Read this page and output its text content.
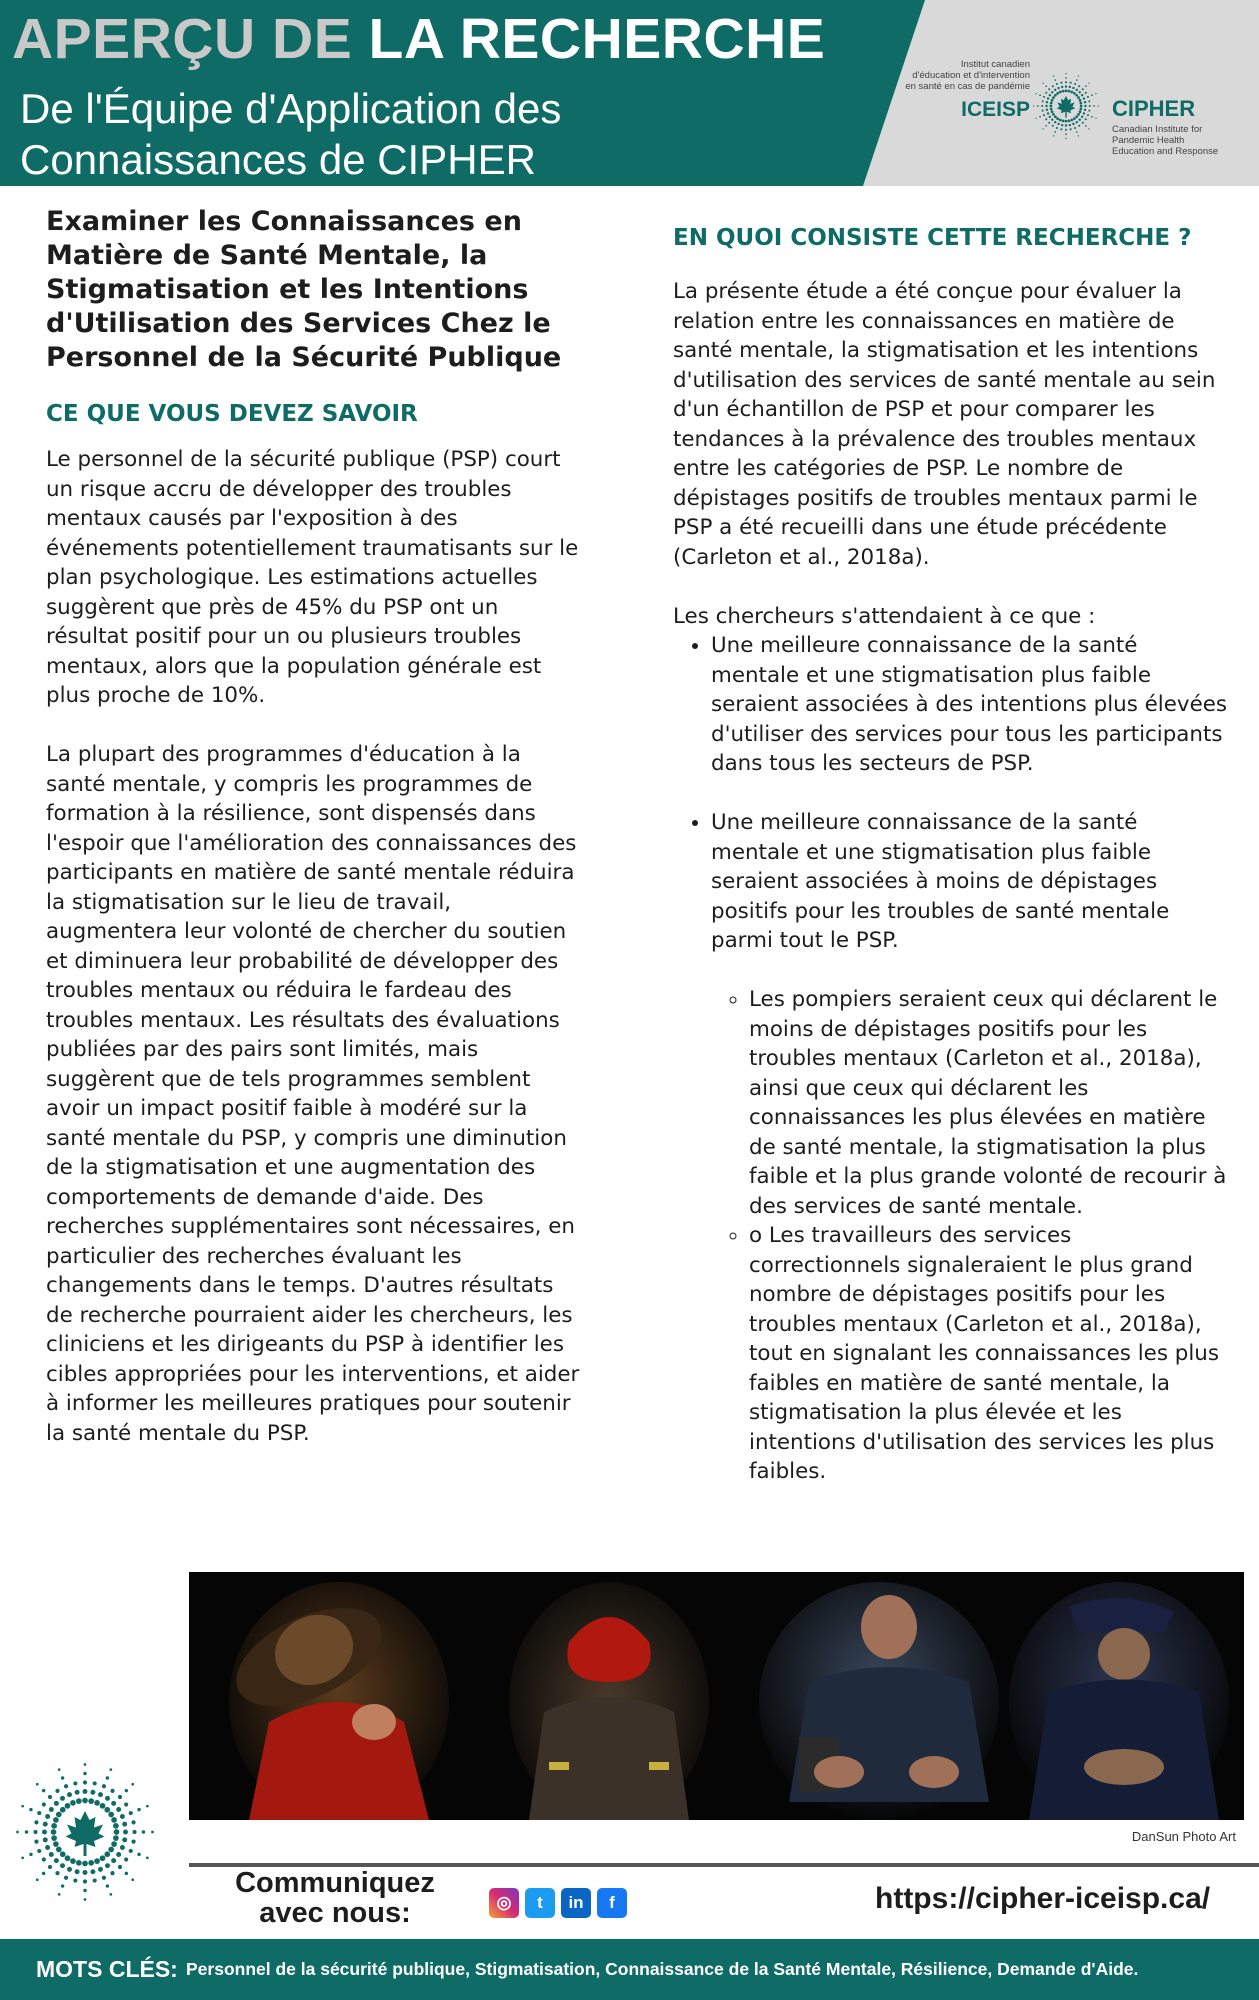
APERÇU DE LA RECHERCHE
De l'Équipe d'Application des
Connaissances de CIPHER
Institut canadien
d'éducation et d'intervention
en santé en cas de pandémie
ICEISP	CIPHER
Canadian Institute for
Pandemic Health
Education and Response
Examiner les Connaissances en Matière de Santé Mentale, la Stigmatisation et les Intentions d'Utilisation des Services Chez le Personnel de la Sécurité Publique
CE QUE VOUS DEVEZ SAVOIR

Le personnel de la sécurité publique (PSP) court un risque accru de développer des troubles mentaux causés par l'exposition à des événements potentiellement traumatisants sur le plan psychologique. Les estimations actuelles suggèrent que près de 45% du PSP ont un résultat positif pour un ou plusieurs troubles mentaux, alors que la population générale est plus proche de 10%.

La plupart des programmes d'éducation à la santé mentale, y compris les programmes de formation à la résilience, sont dispensés dans l'espoir que l'amélioration des connaissances des participants en matière de santé mentale réduira la stigmatisation sur le lieu de travail, augmentera leur volonté de chercher du soutien et diminuera leur probabilité de développer des troubles mentaux ou réduira le fardeau des troubles mentaux. Les résultats des évaluations publiées par des pairs sont limités, mais suggèrent que de tels programmes semblent avoir un impact positif faible à modéré sur la santé mentale du PSP, y compris une diminution de la stigmatisation et une augmentation des comportements de demande d'aide. Des recherches supplémentaires sont nécessaires, en particulier des recherches évaluant les changements dans le temps. D'autres résultats de recherche pourraient aider les chercheurs, les cliniciens et les dirigeants du PSP à identifier les cibles appropriées pour les interventions, et aider à informer les meilleures pratiques pour soutenir la santé mentale du PSP.

EN QUOI CONSISTE CETTE RECHERCHE ?

La présente étude a été conçue pour évaluer la relation entre les connaissances en matière de santé mentale, la stigmatisation et les intentions d'utilisation des services de santé mentale au sein d'un échantillon de PSP et pour comparer les tendances à la prévalence des troubles mentaux entre les catégories de PSP. Le nombre de dépistages positifs de troubles mentaux parmi le PSP a été recueilli dans une étude précédente (Carleton et al., 2018a).

Les chercheurs s'attendaient à ce que :

• Une meilleure connaissance de la santé mentale et une stigmatisation plus faible seraient associées à des intentions plus élevées d'utiliser des services pour tous les participants dans tous les secteurs de PSP.
• Une meilleure connaissance de la santé mentale et une stigmatisation plus faible seraient associées à moins de dépistages positifs pour les troubles de santé mentale parmi tout le PSP.
◦ Les pompiers seraient ceux qui déclarent le moins de dépistages positifs pour les troubles mentaux (Carleton et al., 2018a), ainsi que ceux qui déclarent les connaissances les plus élevées en matière de santé mentale, la stigmatisation la plus faible et la plus grande volonté de recourir à des services de santé mentale.
◦ o Les travailleurs des services correctionnels signaleraient le plus grand nombre de dépistages positifs pour les troubles mentaux (Carleton et al., 2018a), tout en signalant les connaissances les plus faibles en matière de santé mentale, la stigmatisation la plus élevée et les intentions d'utilisation des services les plus faibles.
DanSun Photo Art
Communiquez
avec nous:	◎ t in f	https://cipher-iceisp.ca/
MOTS CLÉS: Personnel de la sécurité publique, Stigmatisation, Connaissance de la Santé Mentale, Résilience, Demande d'Aide.
